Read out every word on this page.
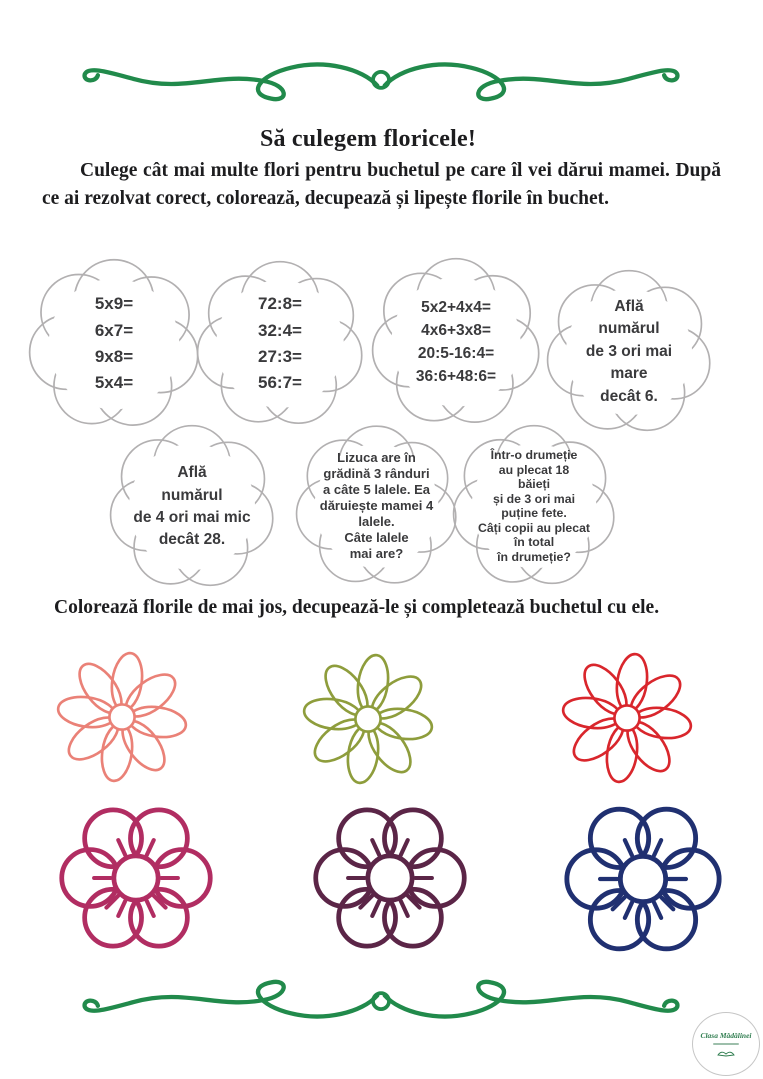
Să culegem floricele!

Culege cât mai multe flori pentru buchetul pe care îl vei dărui mamei. După ce ai rezolvat corect, colorează, decupează și lipește florile în buchet.

5x9=
6x7=
9x8=
5x4=
72:8=
32:4=
27:3=
56:7=
5x2+4x4=
4x6+3x8=
20:5-16:4=
36:6+48:6=
Află
numărul
de 3 ori mai
mare
decât 6.
Află
numărul
de 4 ori mai mic
decât 28.
Lizuca are în
grădină 3 rânduri
a câte 5 lalele. Ea
dăruiește mamei 4
lalele.
Câte lalele
mai are?
Într-o drumeție
au plecat 18
băieți
și de 3 ori mai
puține fete.
Câți copii au plecat
în total
în drumeție?

Colorează florile de mai jos, decupează-le și completează buchetul cu ele.

Clasa Mădălinei
